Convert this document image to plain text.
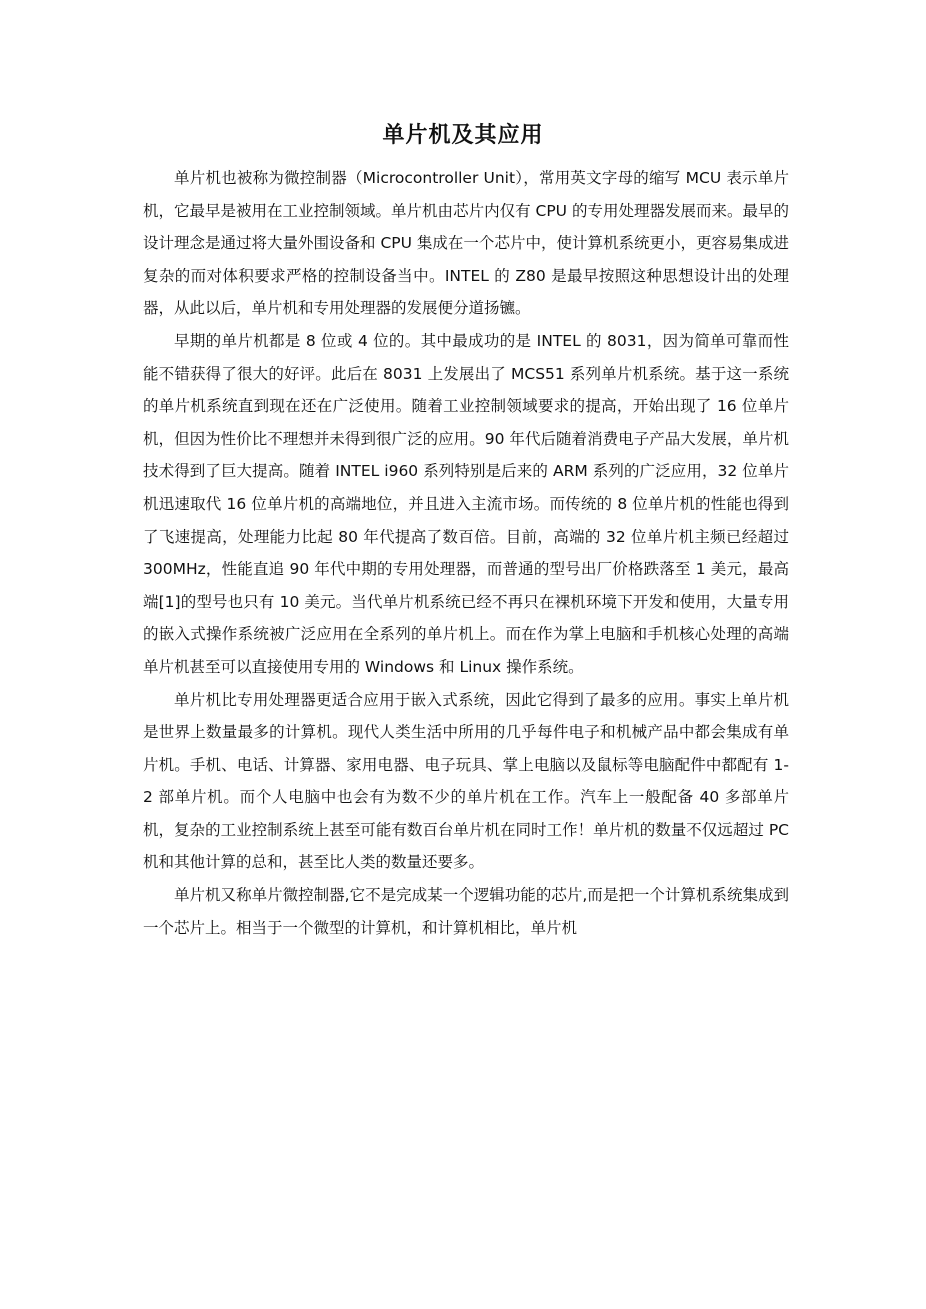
单片机及其应用

单片机也被称为微控制器（Microcontroller Unit），常用英文字母的缩写 MCU 表示单片机，它最早是被用在工业控制领域。单片机由芯片内仅有 CPU 的专用处理器发展而来。最早的设计理念是通过将大量外围设备和 CPU 集成在一个芯片中，使计算机系统更小，更容易集成进复杂的而对体积要求严格的控制设备当中。INTEL 的 Z80 是最早按照这种思想设计出的处理器，从此以后，单片机和专用处理器的发展便分道扬镳。

早期的单片机都是 8 位或 4 位的。其中最成功的是 INTEL 的 8031，因为简单可靠而性能不错获得了很大的好评。此后在 8031 上发展出了 MCS51 系列单片机系统。基于这一系统的单片机系统直到现在还在广泛使用。随着工业控制领域要求的提高，开始出现了 16 位单片机，但因为性价比不理想并未得到很广泛的应用。90 年代后随着消费电子产品大发展，单片机技术得到了巨大提高。随着 INTEL i960 系列特别是后来的 ARM 系列的广泛应用，32 位单片机迅速取代 16 位单片机的高端地位，并且进入主流市场。而传统的 8 位单片机的性能也得到了飞速提高，处理能力比起 80 年代提高了数百倍。目前，高端的 32 位单片机主频已经超过 300MHz，性能直追 90 年代中期的专用处理器，而普通的型号出厂价格跌落至 1 美元，最高端[1]的型号也只有 10 美元。当代单片机系统已经不再只在裸机环境下开发和使用，大量专用的嵌入式操作系统被广泛应用在全系列的单片机上。而在作为掌上电脑和手机核心处理的高端单片机甚至可以直接使用专用的 Windows 和 Linux 操作系统。

单片机比专用处理器更适合应用于嵌入式系统，因此它得到了最多的应用。事实上单片机是世界上数量最多的计算机。现代人类生活中所用的几乎每件电子和机械产品中都会集成有单片机。手机、电话、计算器、家用电器、电子玩具、掌上电脑以及鼠标等电脑配件中都配有 1-2 部单片机。而个人电脑中也会有为数不少的单片机在工作。汽车上一般配备 40 多部单片机，复杂的工业控制系统上甚至可能有数百台单片机在同时工作！单片机的数量不仅远超过 PC 机和其他计算的总和，甚至比人类的数量还要多。

单片机又称单片微控制器,它不是完成某一个逻辑功能的芯片,而是把一个计算机系统集成到一个芯片上。相当于一个微型的计算机，和计算机相比，单片机
